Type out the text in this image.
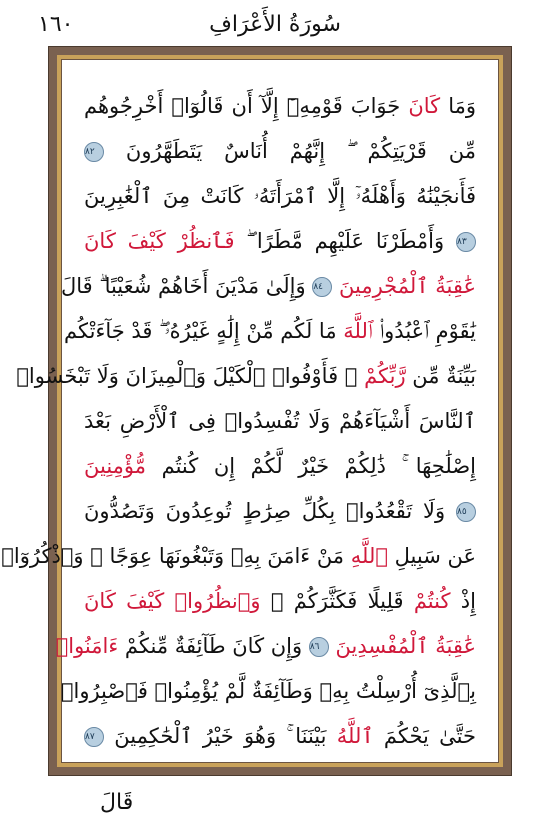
سُورَةُ الأَعْرَافِ
١٦٠
وَمَا كَانَ جَوَابَ قَوْمِهِۦٓ إِلَّآ أَن قَالُوٓا۟ أَخْرِجُوهُم
مِّن قَرْيَتِكُمْ ۖ إِنَّهُمْ أُنَاسٌ يَتَطَهَّرُونَ ٨٢
فَأَنجَيْنَٰهُ وَأَهْلَهُۥٓ إِلَّا ٱمْرَأَتَهُۥ كَانَتْ مِنَ ٱلْغَٰبِرِينَ
٨٣ وَأَمْطَرْنَا عَلَيْهِم مَّطَرًا ۖ فَٱنظُرْ كَيْفَ كَانَ
عَٰقِبَةُ ٱلْمُجْرِمِينَ ٨٤ وَإِلَىٰ مَدْيَنَ أَخَاهُمْ شُعَيْبًا ۗ قَالَ
يَٰقَوْمِ ٱعْبُدُوا۟ ٱللَّهَ مَا لَكُم مِّنْ إِلَٰهٍ غَيْرُهُۥ ۖ قَدْ جَآءَتْكُم
بَيِّنَةٌ مِّن رَّبِّكُمْ ۖ فَأَوْفُوا۟ ٱلْكَيْلَ وَٱلْمِيزَانَ وَلَا تَبْخَسُوا۟
ٱلنَّاسَ أَشْيَآءَهُمْ وَلَا تُفْسِدُوا۟ فِى ٱلْأَرْضِ بَعْدَ
إِصْلَٰحِهَا ۚ ذَٰلِكُمْ خَيْرٌ لَّكُمْ إِن كُنتُم مُّؤْمِنِينَ
٨٥ وَلَا تَقْعُدُوا۟ بِكُلِّ صِرَٰطٍ تُوعِدُونَ وَتَصُدُّونَ
عَن سَبِيلِ ٱللَّهِ مَنْ ءَامَنَ بِهِۦ وَتَبْغُونَهَا عِوَجًا ۚ وَٱذْكُرُوٓا۟
إِذْ كُنتُمْ قَلِيلًا فَكَثَّرَكُمْ ۖ وَٱنظُرُوا۟ كَيْفَ كَانَ
عَٰقِبَةُ ٱلْمُفْسِدِينَ ٨٦ وَإِن كَانَ طَآئِفَةٌ مِّنكُمْ ءَامَنُوا۟
بِٱلَّذِىٓ أُرْسِلْتُ بِهِۦ وَطَآئِفَةٌ لَّمْ يُؤْمِنُوا۟ فَٱصْبِرُوا۟
حَتَّىٰ يَحْكُمَ ٱللَّهُ بَيْنَنَا ۚ وَهُوَ خَيْرُ ٱلْحَٰكِمِينَ ٨٧
قَالَ
